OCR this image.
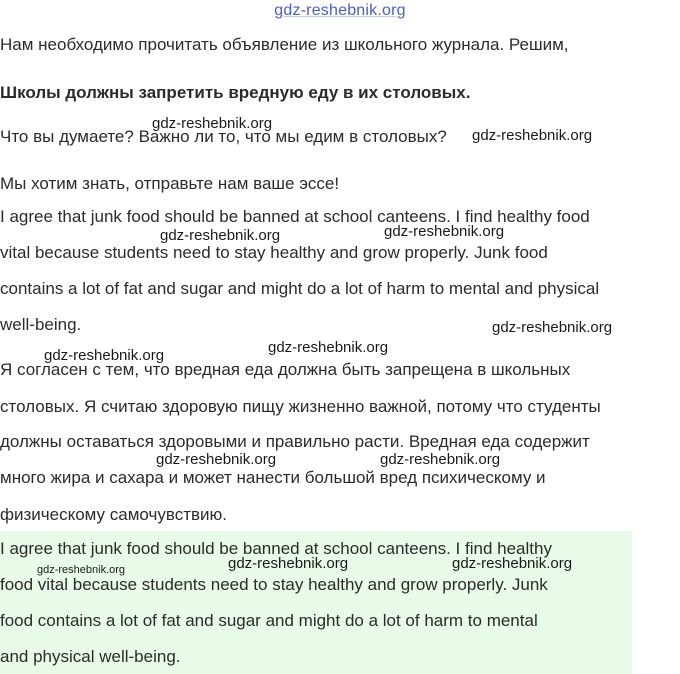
gdz-reshebnik.org

Нам необходимо прочитать объявление из школьного журнала. Решим,

Школы должны запретить вредную еду в их столовых.

Что вы думаете? Важно ли то, что мы едим в столовых?

Мы хотим знать, отправьте нам ваше эссе!

I agree that junk food should be banned at school canteens. I find healthy food

vital because students need to stay healthy and grow properly. Junk food

contains a lot of fat and sugar and might do a lot of harm to mental and physical

well-being.

Я согласен с тем, что вредная еда должна быть запрещена в школьных

столовых. Я считаю здоровую пищу жизненно важной, потому что студенты

должны оставаться здоровыми и правильно расти. Вредная еда содержит

много жира и сахара и может нанести большой вред психическому и

физическому самочувствию.

I agree that junk food should be banned at school canteens. I find healthy

food vital because students need to stay healthy and grow properly. Junk

food contains a lot of fat and sugar and might do a lot of harm to mental

and physical well-being.

gdz-reshebnik.org
gdz-reshebnik.org
gdz-reshebnik.org	gdz-reshebnik.org
gdz-reshebnik.org
gdz-reshebnik.org
gdz-reshebnik.org
gdz-reshebnik.org	gdz-reshebnik.org
gdz-reshebnik.org	gdz-reshebnik.org	gdz-reshebnik.org
